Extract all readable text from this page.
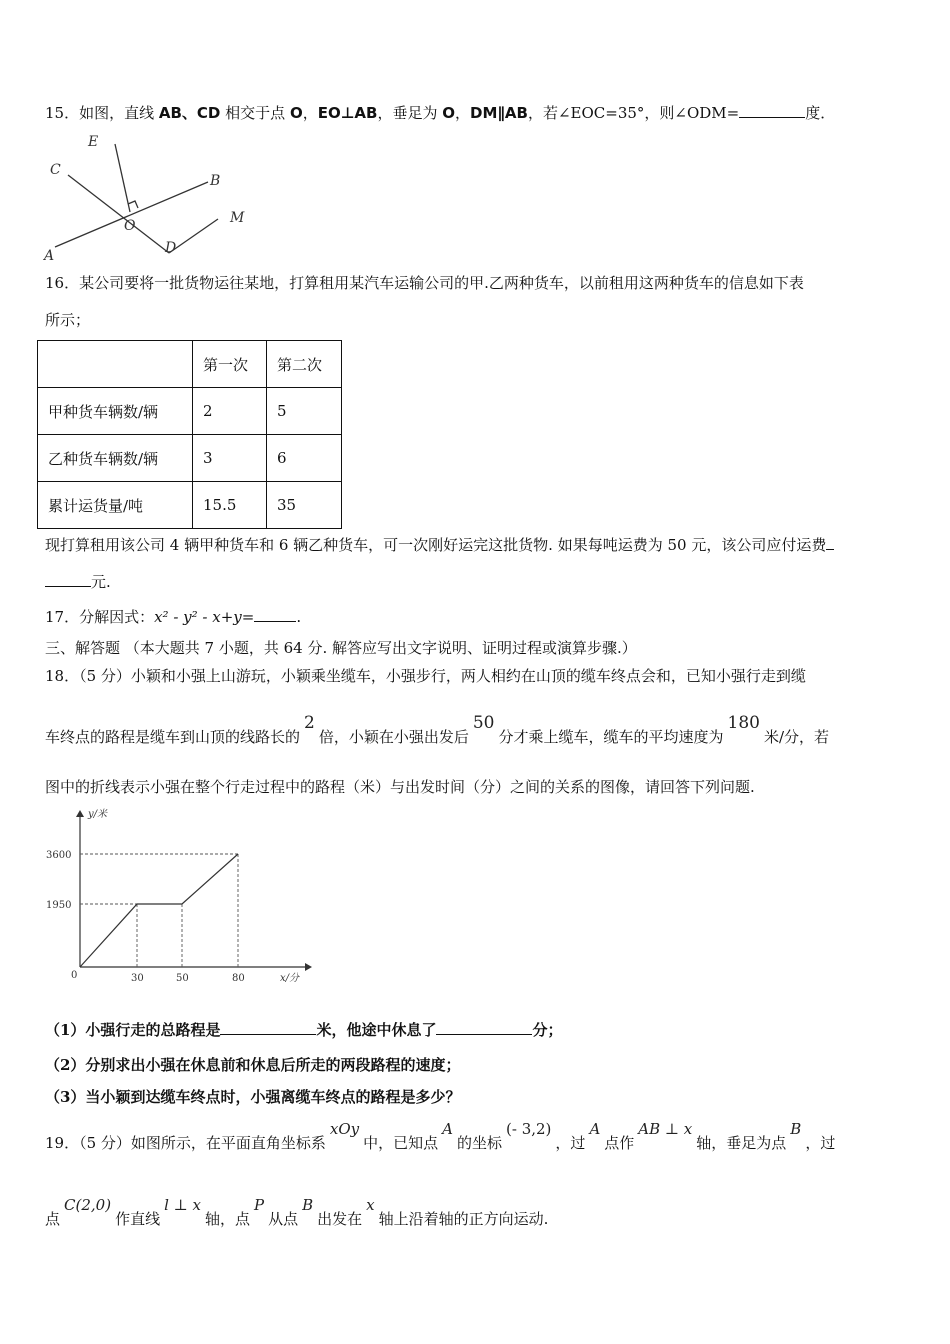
15．如图，直线 AB、CD 相交于点 O，EO⊥AB，垂足为 O，DM∥AB，若∠EOC=35°，则∠ODM=	度．
E
C
B
O	M
A	D
16．某公司要将一批货物运往某地，打算租用某汽车运输公司的甲.乙两种货车，以前租用这两种货车的信息如下表
所示；
	第一次	第二次
甲种货车辆数/辆	2	5
乙种货车辆数/辆	3	6
累计运货量/吨	15.5	35
现打算租用该公司 4 辆甲种货车和 6 辆乙种货车，可一次刚好运完这批货物. 如果每吨运费为 50 元，该公司应付运费
元.
17．分解因式：x² - y² - x+y=	.
三、解答题 （本大题共 7 小题，共 64 分. 解答应写出文字说明、证明过程或演算步骤.）
18．（5 分）小颖和小强上山游玩，小颖乘坐缆车，小强步行，两人相约在山顶的缆车终点会和，已知小强行走到缆
车终点的路程是缆车到山顶的线路长的2倍，小颖在小强出发后50分才乘上缆车，缆车的平均速度为180米/分，若
图中的折线表示小强在整个行走过程中的路程（米）与出发时间（分）之间的关系的图像，请回答下列问题.
y/米
3600
1950
0	30	50	80	x/分
（1）小强行走的总路程是	米，他途中休息了	分；
（2）分别求出小强在休息前和休息后所走的两段路程的速度；
（3）当小颖到达缆车终点时，小强离缆车终点的路程是多少？
19．（5 分）如图所示，在平面直角坐标系xOy中，已知点A的坐标(- 3,2)，过A点作AB ⊥ x轴，垂足为点B，过
点C(2,0)作直线l ⊥ x轴，点P从点B出发在x轴上沿着轴的正方向运动.
